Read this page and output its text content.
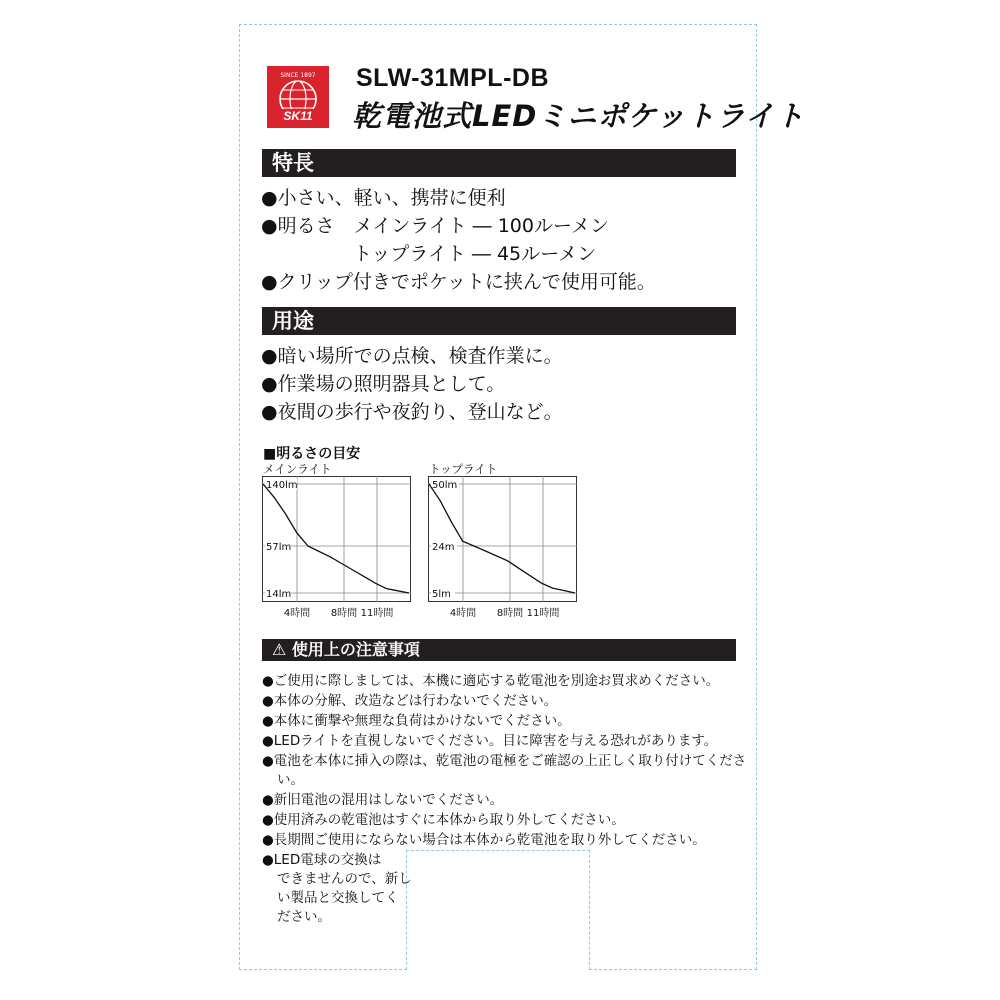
SINCE 1897
SK11
SLW-31MPL-DB
乾電池式LEDミニポケットライト
特長
●小さい、軽い、携帯に便利
●明るさ　メインライト ― 100ルーメン
トップライト ― 45ルーメン
●クリップ付きでポケットに挟んで使用可能。
用途
●暗い場所での点検、検査作業に。
●作業場の照明器具として。
●夜間の歩行や夜釣り、登山など。
■明るさの目安
メインライト	トップライト
140lm
57lm
14lm
4時間 8時間 11時間
50lm
24m
5lm
4時間 8時間 11時間
⚠ 使用上の注意事項
●ご使用に際しましては、本機に適応する乾電池を別途お買求めください。
●本体の分解、改造などは行わないでください。
●本体に衝撃や無理な負荷はかけないでください。
●LEDライトを直視しないでください。目に障害を与える恐れがあります。
●電池を本体に挿入の際は、乾電池の電極をご確認の上正しく取り付けてくださ
い。
●新旧電池の混用はしないでください。
●使用済みの乾電池はすぐに本体から取り外してください。
●長期間ご使用にならない場合は本体から乾電池を取り外してください。
●LED電球の交換は
できませんので、新し
い製品と交換してく
ださい。
